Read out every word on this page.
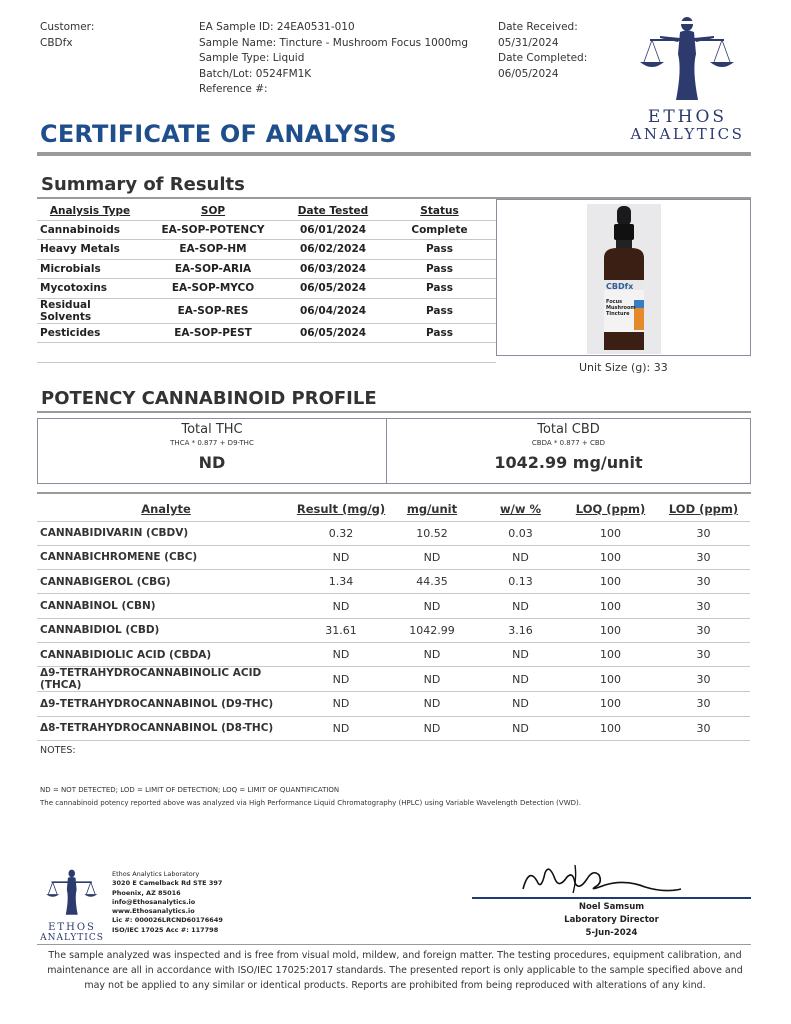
Customer:
CBDfx
EA Sample ID: 24EA0531-010
Sample Name: Tincture - Mushroom Focus 1000mg
Sample Type: Liquid
Batch/Lot: 0524FM1K
Reference #:
Date Received:
05/31/2024
Date Completed:
06/05/2024
ETHOS
ANALYTICS
CERTIFICATE OF ANALYSIS
Summary of Results
Analysis Type	SOP	Date Tested	Status
Cannabinoids	EA-SOP-POTENCY	06/01/2024	Complete
Heavy Metals	EA-SOP-HM	06/02/2024	Pass
Microbials	EA-SOP-ARIA	06/03/2024	Pass
Mycotoxins	EA-SOP-MYCO	06/05/2024	Pass
Residual Solvents	EA-SOP-RES	06/04/2024	Pass
Pesticides	EA-SOP-PEST	06/05/2024	Pass

CBDfx
Focus
Mushroom
Tincture
Unit Size (g): 33
POTENCY CANNABINOID PROFILE
Total THC
THCA * 0.877 + D9-THC
ND
Total CBD
CBDA * 0.877 + CBD
1042.99 mg/unit
Analyte	Result (mg/g)	mg/unit	w/w %	LOQ (ppm)	LOD (ppm)
CANNABIDIVARIN (CBDV)	0.32	10.52	0.03	100	30
CANNABICHROMENE (CBC)	ND	ND	ND	100	30
CANNABIGEROL (CBG)	1.34	44.35	0.13	100	30
CANNABINOL (CBN)	ND	ND	ND	100	30
CANNABIDIOL (CBD)	31.61	1042.99	3.16	100	30
CANNABIDIOLIC ACID (CBDA)	ND	ND	ND	100	30
Δ9-TETRAHYDROCANNABINOLIC ACID (THCA)	ND	ND	ND	100	30
Δ9-TETRAHYDROCANNABINOL (D9-THC)	ND	ND	ND	100	30
Δ8-TETRAHYDROCANNABINOL (D8-THC)	ND	ND	ND	100	30
NOTES:
ND = NOT DETECTED; LOD = LIMIT OF DETECTION; LOQ = LIMIT OF QUANTIFICATION
The cannabinoid potency reported above was analyzed via High Performance Liquid Chromatography (HPLC) using Variable Wavelength Detection (VWD).
ETHOS
ANALYTICS
Ethos Analytics Laboratory
3020 E Camelback Rd STE 397
Phoenix, AZ 85016
info@Ethosanalytics.io
www.Ethosanalytics.io
Lic #: 000026LRCND60176649
ISO/IEC 17025 Acc #: 117798
Noel Samsum
Laboratory Director
5-Jun-2024
The sample analyzed was inspected and is free from visual mold, mildew, and foreign matter. The testing procedures, equipment calibration, and maintenance are all in accordance with ISO/IEC 17025:2017 standards. The presented report is only applicable to the sample specified above and may not be applied to any similar or identical products. Reports are prohibited from being reproduced with alterations of any kind.
